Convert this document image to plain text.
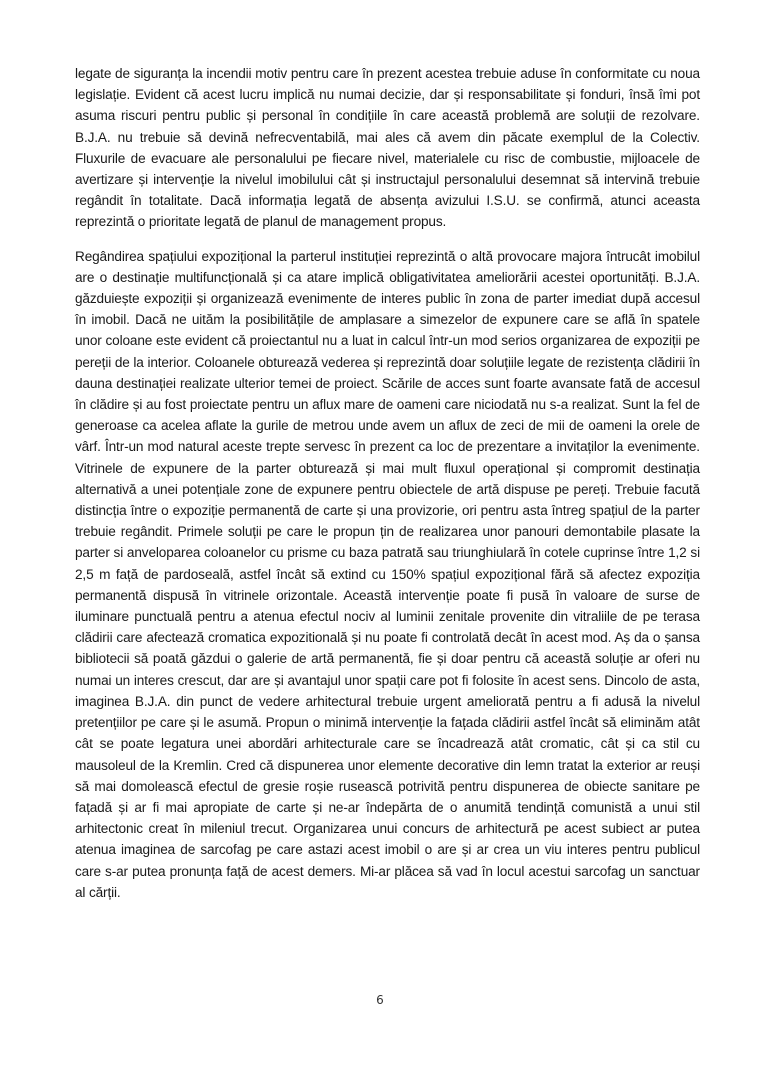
legate de siguranța la incendii motiv pentru care în prezent acestea trebuie aduse în conformitate cu noua legislație. Evident că acest lucru implică nu numai decizie, dar și responsabilitate și fonduri, însă îmi pot asuma riscuri pentru public și personal în condițiile în care această problemă are soluții de rezolvare. B.J.A. nu trebuie să devină nefrecventabilă, mai ales că avem din păcate exemplul de la Colectiv. Fluxurile de evacuare ale personalului pe fiecare nivel, materialele cu risc de combustie, mijloacele de avertizare și intervenție la nivelul imobilului cât și instructajul personalului desemnat să intervină trebuie regândit în totalitate. Dacă informația legată de absența avizului I.S.U. se confirmă, atunci aceasta reprezintă o prioritate legată de planul de management propus.

Regândirea spațiului expozițional la parterul instituției reprezintă o altă provocare majora întrucât imobilul are o destinație multifuncțională și ca atare implică obligativitatea ameliorării acestei oportunități. B.J.A. găzduiește expoziții și organizează evenimente de interes public în zona de parter imediat după accesul în imobil. Dacă ne uităm la posibilitățile de amplasare a simezelor de expunere care se află în spatele unor coloane este evident că proiectantul nu a luat in calcul într-un mod serios organizarea de expoziții pe pereții de la interior. Coloanele obturează vederea și reprezintă doar soluțiile legate de rezistența clădirii în dauna destinației realizate ulterior temei de proiect. Scările de acces sunt foarte avansate fată de accesul în clădire și au fost proiectate pentru un aflux mare de oameni care niciodată nu s-a realizat. Sunt la fel de generoase ca acelea aflate la gurile de metrou unde avem un aflux de zeci de mii de oameni la orele de vârf. Într-un mod natural aceste trepte servesc în prezent ca loc de prezentare a invitaților la evenimente. Vitrinele de expunere de la parter obturează și mai mult fluxul operațional și compromit destinația alternativă a unei potențiale zone de expunere pentru obiectele de artă dispuse pe pereți. Trebuie facută distincția între o expoziție permanentă de carte și una provizorie, ori pentru asta întreg spațiul de la parter trebuie regândit. Primele soluții pe care le propun țin de realizarea unor panouri demontabile plasate la parter si anveloparea coloanelor cu prisme cu baza patrată sau triunghiulară în cotele cuprinse între 1,2 si 2,5 m față de pardoseală, astfel încât să extind cu 150% spațiul expozițional fără să afectez expoziția permanentă dispusă în vitrinele orizontale. Această intervenție poate fi pusă în valoare de surse de iluminare punctuală pentru a atenua efectul nociv al luminii zenitale provenite din vitraliile de pe terasa clădirii care afectează cromatica expozitională și nu poate fi controlată decât în acest mod. Aș da o șansa bibliotecii să poată găzdui o galerie de artă permanentă, fie și doar pentru că această soluție ar oferi nu numai un interes crescut, dar are și avantajul unor spații care pot fi folosite în acest sens. Dincolo de asta, imaginea B.J.A. din punct de vedere arhitectural trebuie urgent ameliorată pentru a fi adusă la nivelul pretențiilor pe care și le asumă. Propun o minimă intervenție la fațada clădirii astfel încât să eliminăm atât cât se poate legatura unei abordări arhitecturale care se încadrează atât cromatic, cât și ca stil cu mausoleul de la Kremlin. Cred că dispunerea unor elemente decorative din lemn tratat la exterior ar reuși să mai domolească efectul de gresie roșie rusească potrivită pentru dispunerea de obiecte sanitare pe fațadă și ar fi mai apropiate de carte și ne-ar îndepărta de o anumită tendință comunistă a unui stil arhitectonic creat în mileniul trecut. Organizarea unui concurs de arhitectură pe acest subiect ar putea atenua imaginea de sarcofag pe care astazi acest imobil o are și ar crea un viu interes pentru publicul care s-ar putea pronunța față de acest demers. Mi-ar plăcea să vad în locul acestui sarcofag un sanctuar al cărții.

6
